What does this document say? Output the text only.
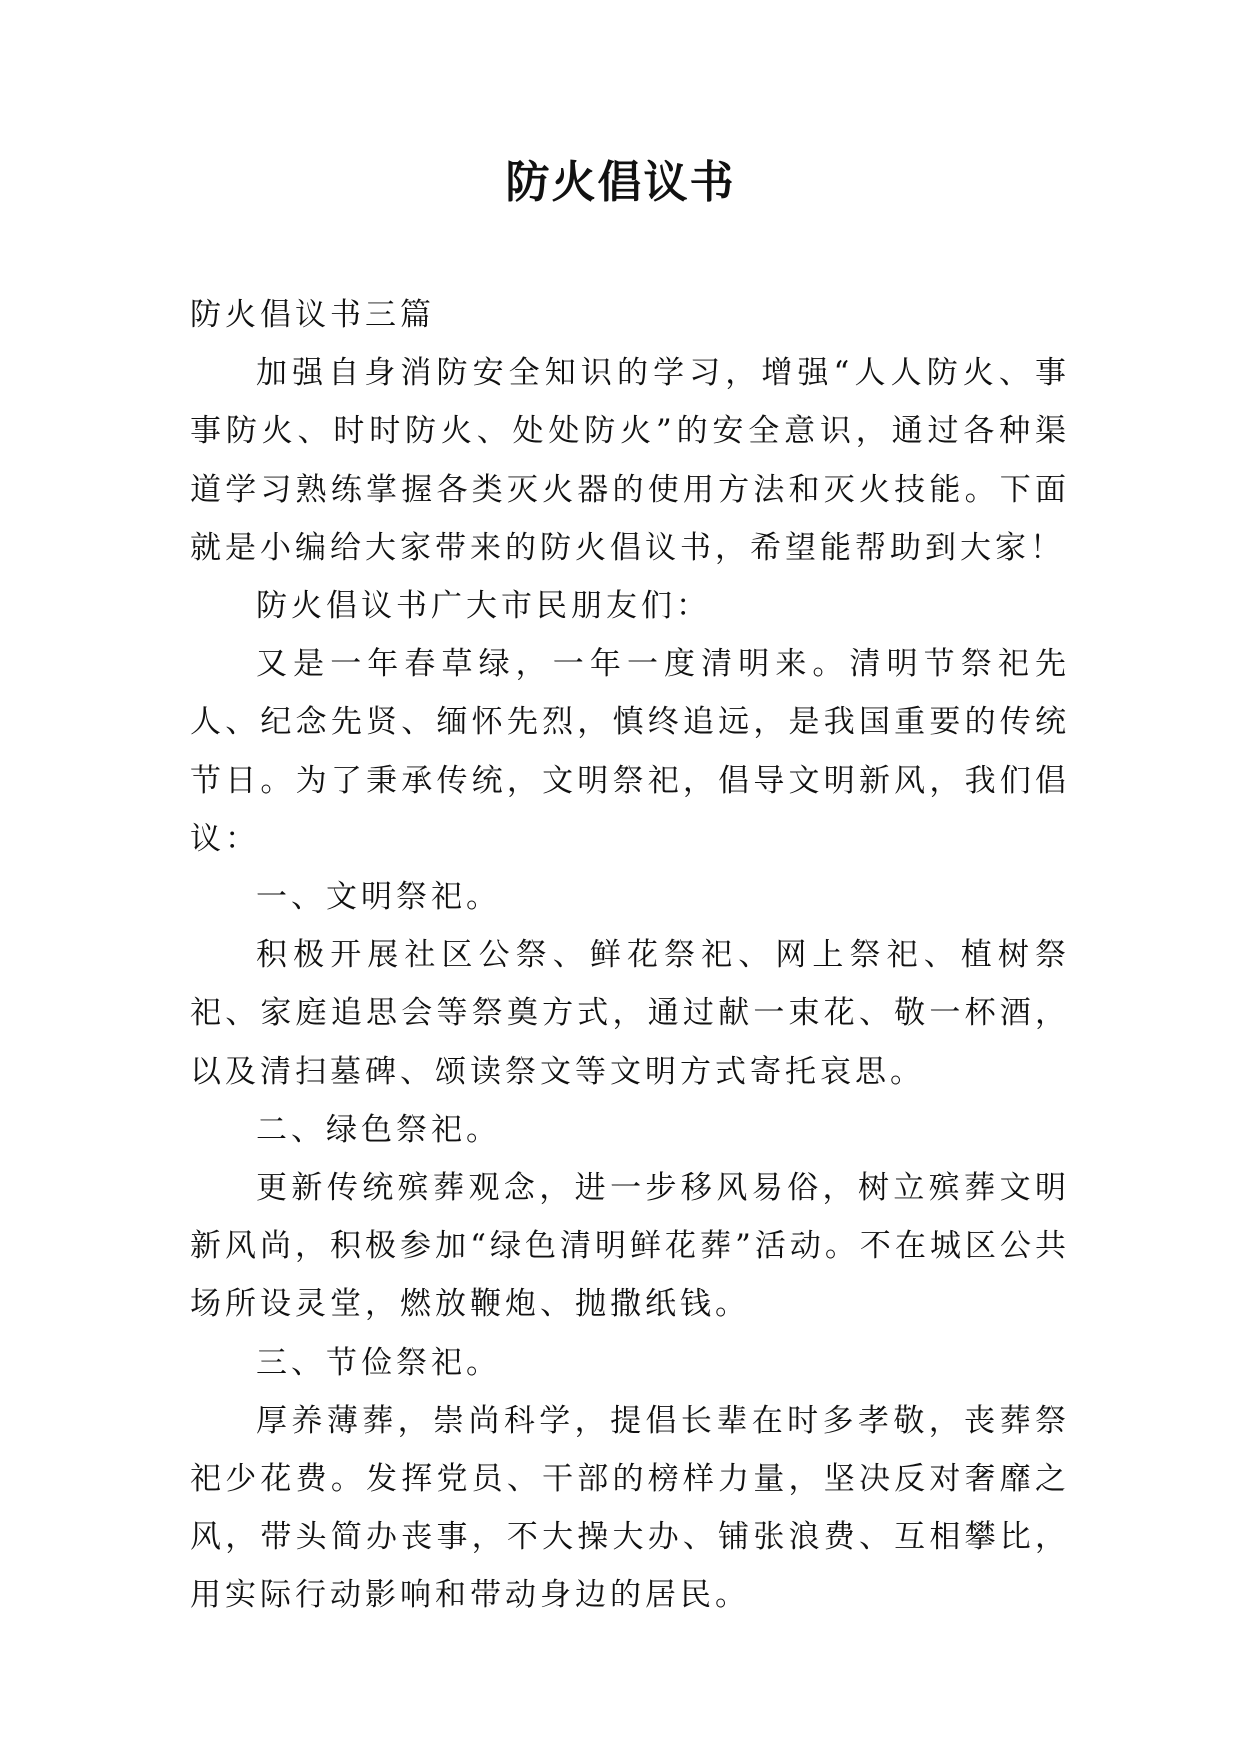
防火倡议书

防火倡议书三篇

加强自身消防安全知识的学习，增强“人人防火、事事防火、时时防火、处处防火”的安全意识，通过各种渠道学习熟练掌握各类灭火器的使用方法和灭火技能。下面就是小编给大家带来的防火倡议书，希望能帮助到大家！

防火倡议书广大市民朋友们：

又是一年春草绿，一年一度清明来。清明节祭祀先人、纪念先贤、缅怀先烈，慎终追远，是我国重要的传统节日。为了秉承传统，文明祭祀，倡导文明新风，我们倡议：

一、文明祭祀。

积极开展社区公祭、鲜花祭祀、网上祭祀、植树祭祀、家庭追思会等祭奠方式，通过献一束花、敬一杯酒，以及清扫墓碑、颂读祭文等文明方式寄托哀思。

二、绿色祭祀。

更新传统殡葬观念，进一步移风易俗，树立殡葬文明新风尚，积极参加“绿色清明鲜花葬”活动。不在城区公共场所设灵堂，燃放鞭炮、抛撒纸钱。

三、节俭祭祀。

厚养薄葬，崇尚科学，提倡长辈在时多孝敬，丧葬祭祀少花费。发挥党员、干部的榜样力量，坚决反对奢靡之风，带头简办丧事，不大操大办、铺张浪费、互相攀比，用实际行动影响和带动身边的居民。
